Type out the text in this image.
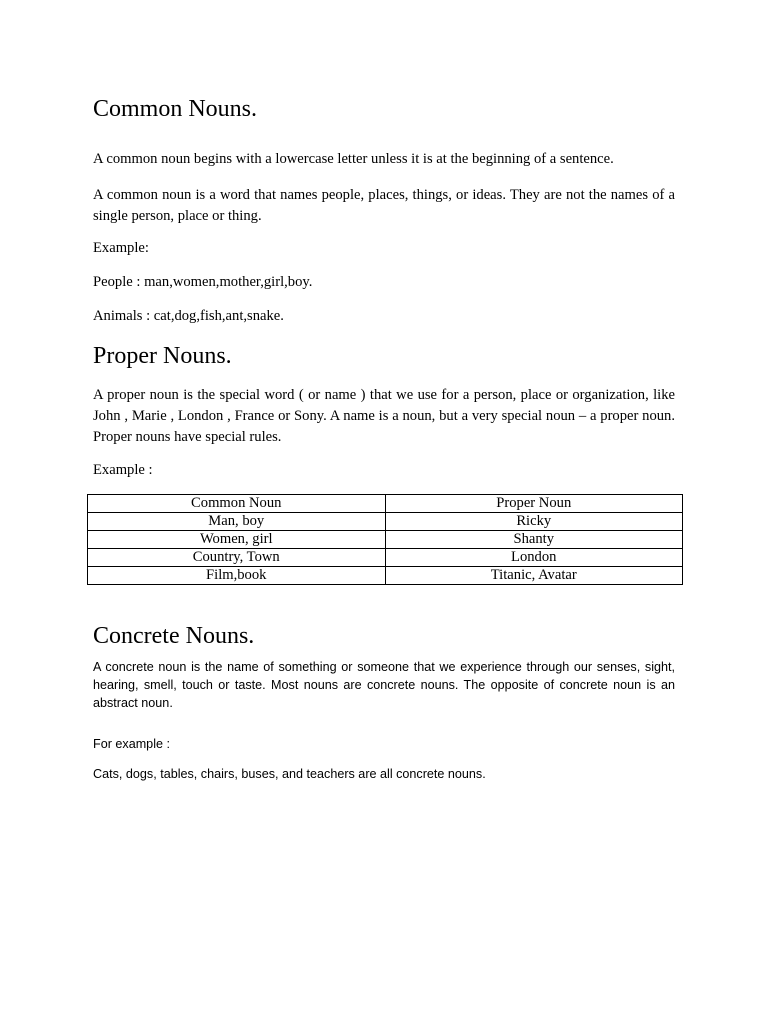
Common Nouns.

A common noun begins with a lowercase letter unless it is at the beginning of a sentence.

A common noun is a word that names people, places, things, or ideas. They are not the names of a single person, place or thing.

Example:

People : man,women,mother,girl,boy.

Animals : cat,dog,fish,ant,snake.

Proper Nouns.

A proper noun is the special word ( or name ) that we use for a person, place or organization, like John , Marie , London , France or Sony. A name is a noun, but a very special noun – a proper noun. Proper nouns have special rules.

Example :

Common Noun	Proper Noun
Man, boy	Ricky
Women, girl	Shanty
Country, Town	London
Film,book	Titanic, Avatar
Concrete Nouns.

A concrete noun is the name of something or someone that we experience through our senses, sight, hearing, smell, touch or taste. Most nouns are concrete nouns. The opposite of concrete noun is an abstract noun.

For example :

Cats, dogs, tables, chairs, buses, and teachers are all concrete nouns.
